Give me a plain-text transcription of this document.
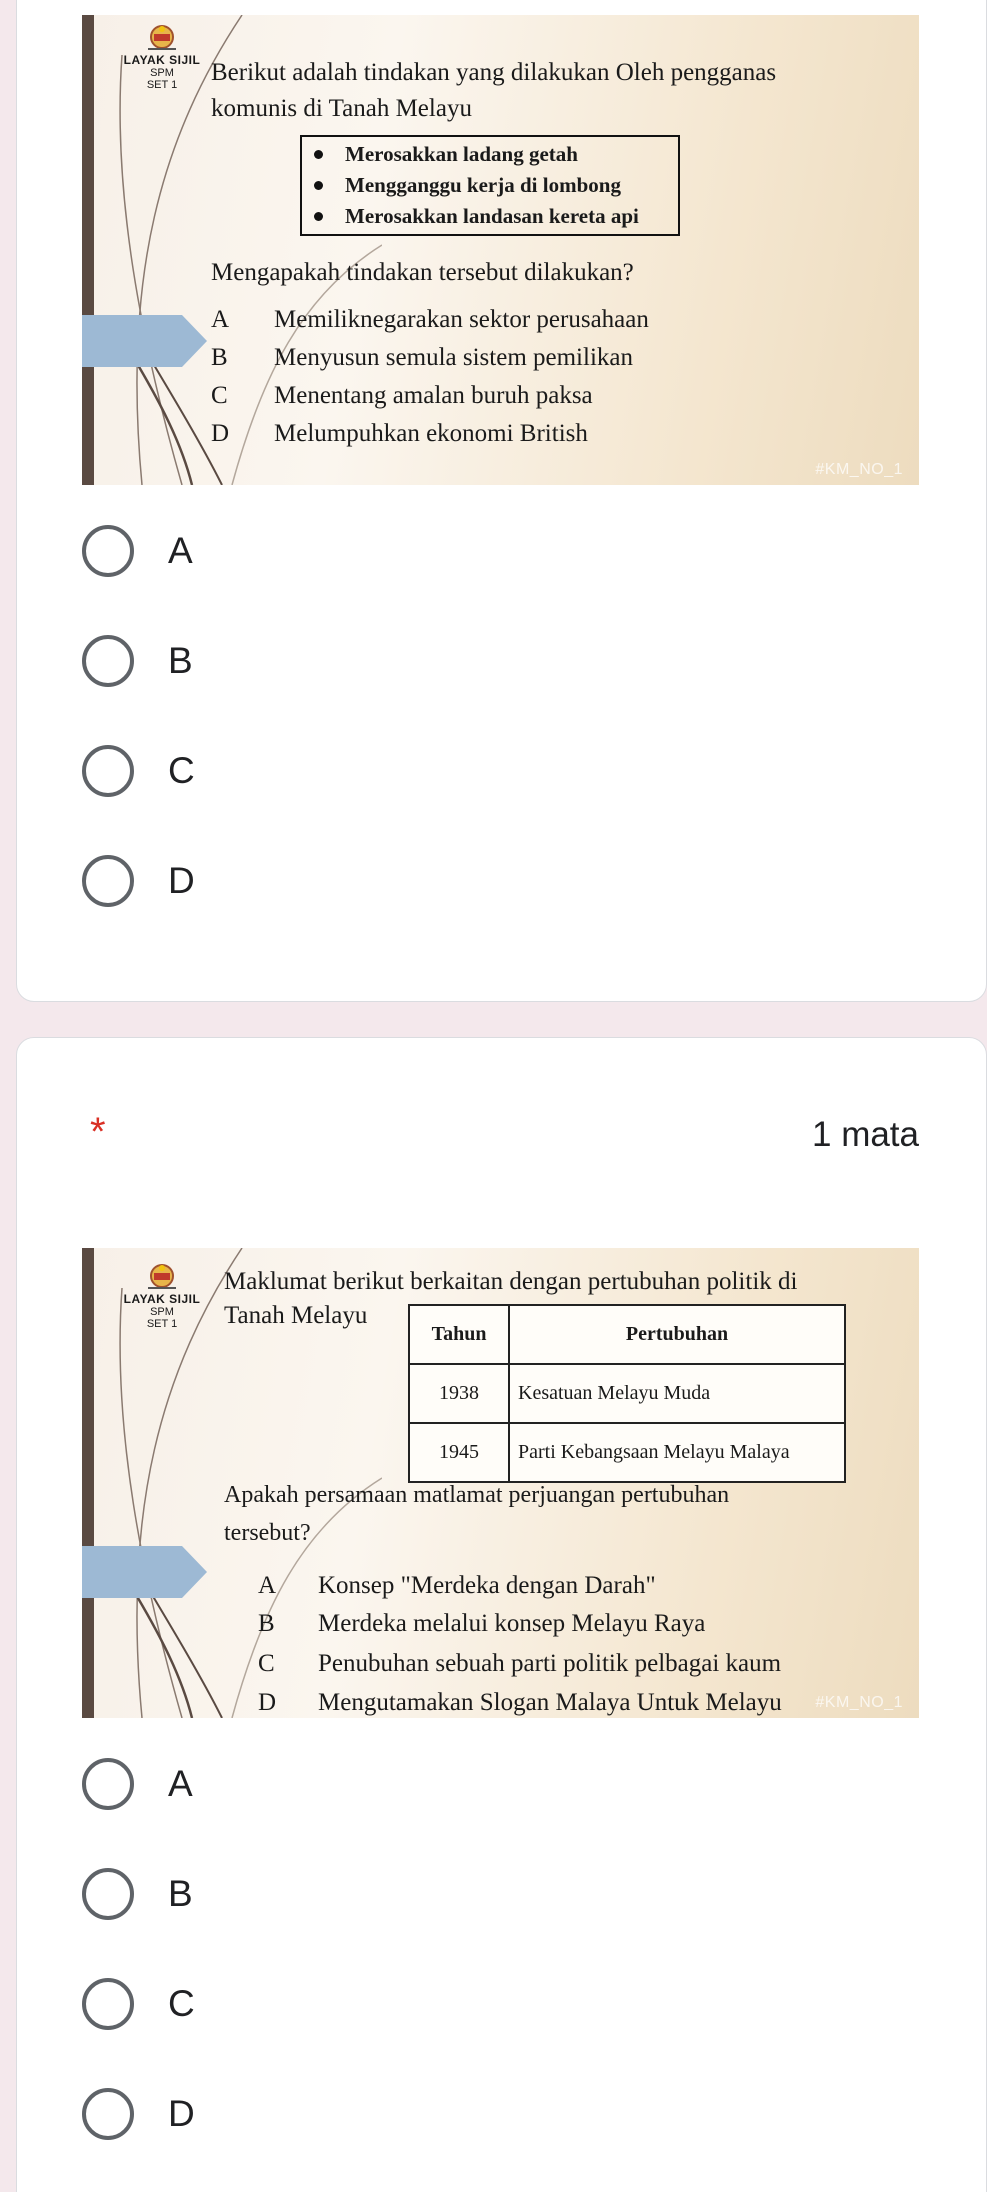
LAYAK SIJIL
SPM
SET 1	Berikut adalah tindakan yang dilakukan Oleh pengganas
komunis di Tanah Melayu
Merosakkan ladang getah
Mengganggu kerja di lombong
Merosakkan landasan kereta api
Mengapakah tindakan tersebut dilakukan?
A	Memiliknegarakan sektor perusahaan
B	Menyusun semula sistem pemilikan
C	Menentang amalan buruh paksa
D	Melumpuhkan ekonomi British
#KM_NO_1
A
B
C
D
*	1 mata
LAYAK SIJIL
SPM
SET 1
Maklumat berikut berkaitan dengan pertubuhan politik di
Tanah Melayu
Tahun	Pertubuhan
1938	Kesatuan Melayu Muda
1945	Parti Kebangsaan Melayu Malaya
Apakah persamaan matlamat perjuangan pertubuhan
tersebut?
A	Konsep "Merdeka dengan Darah"
B	Merdeka melalui konsep Melayu Raya
C	Penubuhan sebuah parti politik pelbagai kaum
D	Mengutamakan Slogan Malaya Untuk Melayu #KM_NO_1
A
B
C
D
